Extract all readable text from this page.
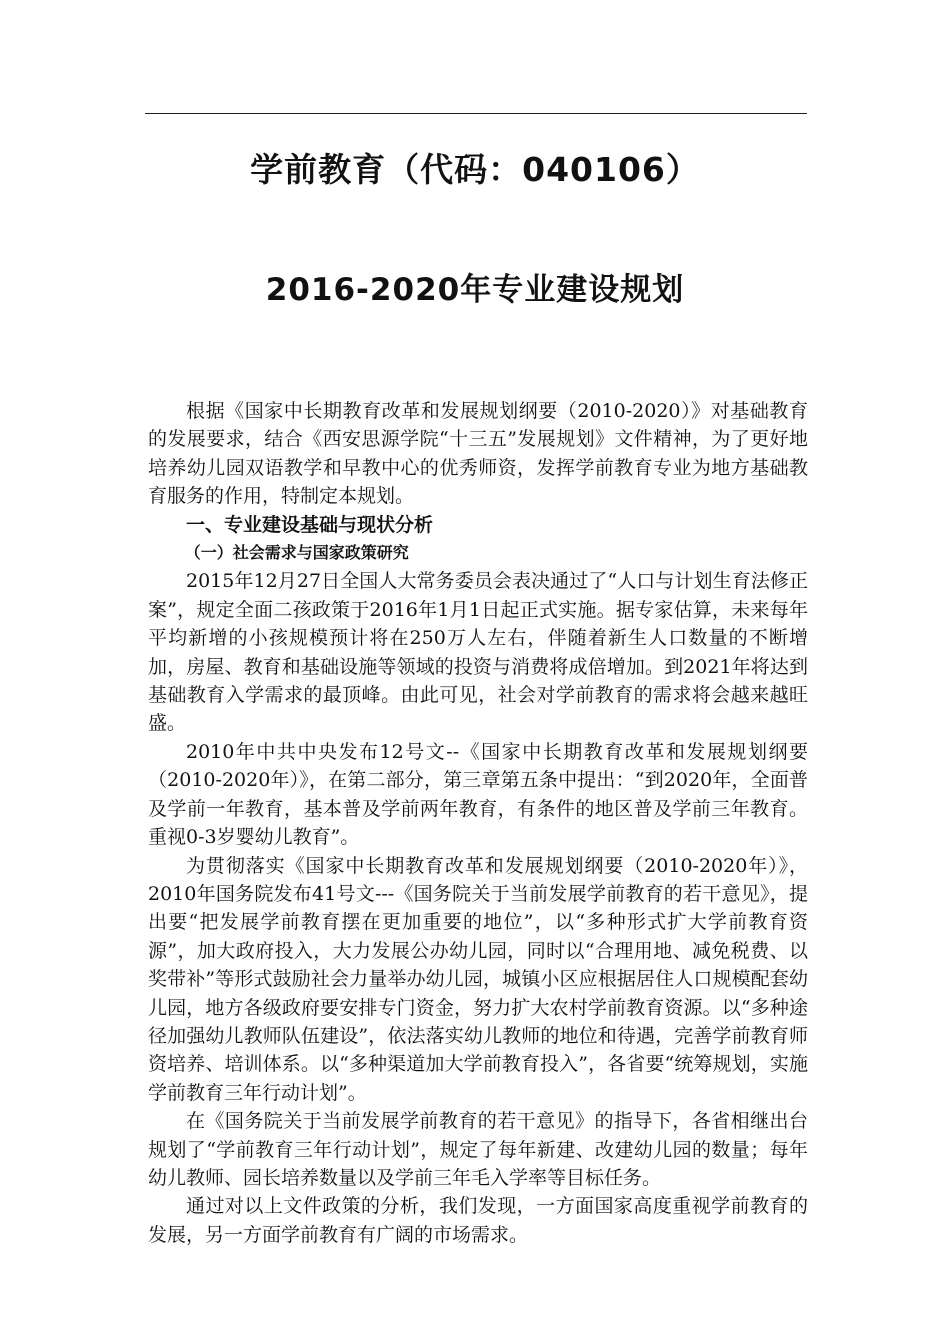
学前教育（代码：040106）
2016-2020年专业建设规划

根据《国家中长期教育改革和发展规划纲要（2010-2020）》对基础教育的发展要求，结合《西安思源学院“十三五”发展规划》文件精神，为了更好地培养幼儿园双语教学和早教中心的优秀师资，发挥学前教育专业为地方基础教育服务的作用，特制定本规划。

一、专业建设基础与现状分析

（一）社会需求与国家政策研究

2015年12月27日全国人大常务委员会表决通过了“人口与计划生育法修正案”，规定全面二孩政策于2016年1月1日起正式实施。据专家估算，未来每年平均新增的小孩规模预计将在250万人左右，伴随着新生人口数量的不断增加，房屋、教育和基础设施等领域的投资与消费将成倍增加。到2021年将达到基础教育入学需求的最顶峰。由此可见，社会对学前教育的需求将会越来越旺盛。

2010年中共中央发布12号文--《国家中长期教育改革和发展规划纲要（2010-2020年）》，在第二部分，第三章第五条中提出：“到2020年，全面普及学前一年教育，基本普及学前两年教育，有条件的地区普及学前三年教育。重视0-3岁婴幼儿教育”。

为贯彻落实《国家中长期教育改革和发展规划纲要（2010-2020年）》，2010年国务院发布41号文---《国务院关于当前发展学前教育的若干意见》，提出要“把发展学前教育摆在更加重要的地位”，以“多种形式扩大学前教育资源”，加大政府投入，大力发展公办幼儿园，同时以“合理用地、减免税费、以奖带补”等形式鼓励社会力量举办幼儿园，城镇小区应根据居住人口规模配套幼儿园，地方各级政府要安排专门资金，努力扩大农村学前教育资源。以“多种途径加强幼儿教师队伍建设”，依法落实幼儿教师的地位和待遇，完善学前教育师资培养、培训体系。以“多种渠道加大学前教育投入”，各省要“统筹规划，实施学前教育三年行动计划”。

在《国务院关于当前发展学前教育的若干意见》的指导下，各省相继出台规划了“学前教育三年行动计划”，规定了每年新建、改建幼儿园的数量；每年幼儿教师、园长培养数量以及学前三年毛入学率等目标任务。

通过对以上文件政策的分析，我们发现，一方面国家高度重视学前教育的发展，另一方面学前教育有广阔的市场需求。
